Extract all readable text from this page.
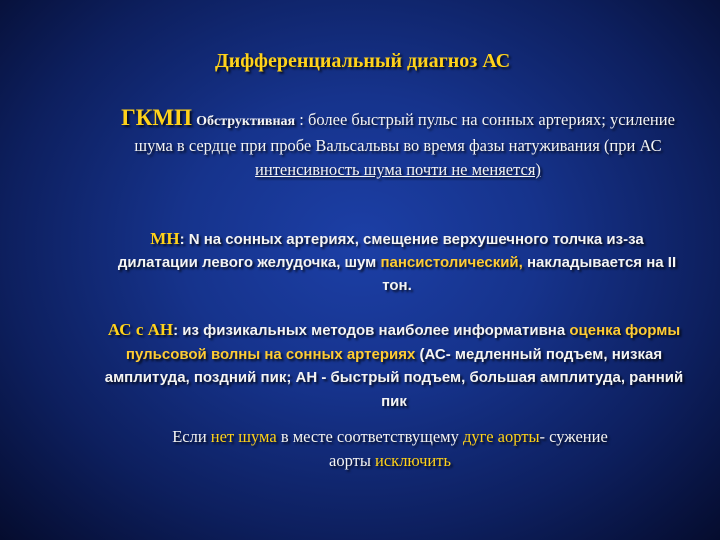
Дифференциальный диагноз АС
ГКМП Обструктивная : более быстрый пульс на сонных артериях; усиление шума в сердце при пробе Вальсальвы во время фазы натуживания (при АС интенсивность шума почти не меняется)
МН: N на сонных артериях, смещение верхушечного толчка из-за дилатации левого желудочка, шум пансистолический, накладывается на II тон.
АС с АН: из физикальных методов наиболее информативна оценка формы пульсовой волны на сонных артериях (АС- медленный подъем, низкая амплитуда, поздний пик; АН - быстрый подъем, большая амплитуда, ранний пик
Если нет шума в месте соответствущему дуге аорты- сужение аорты исключить
